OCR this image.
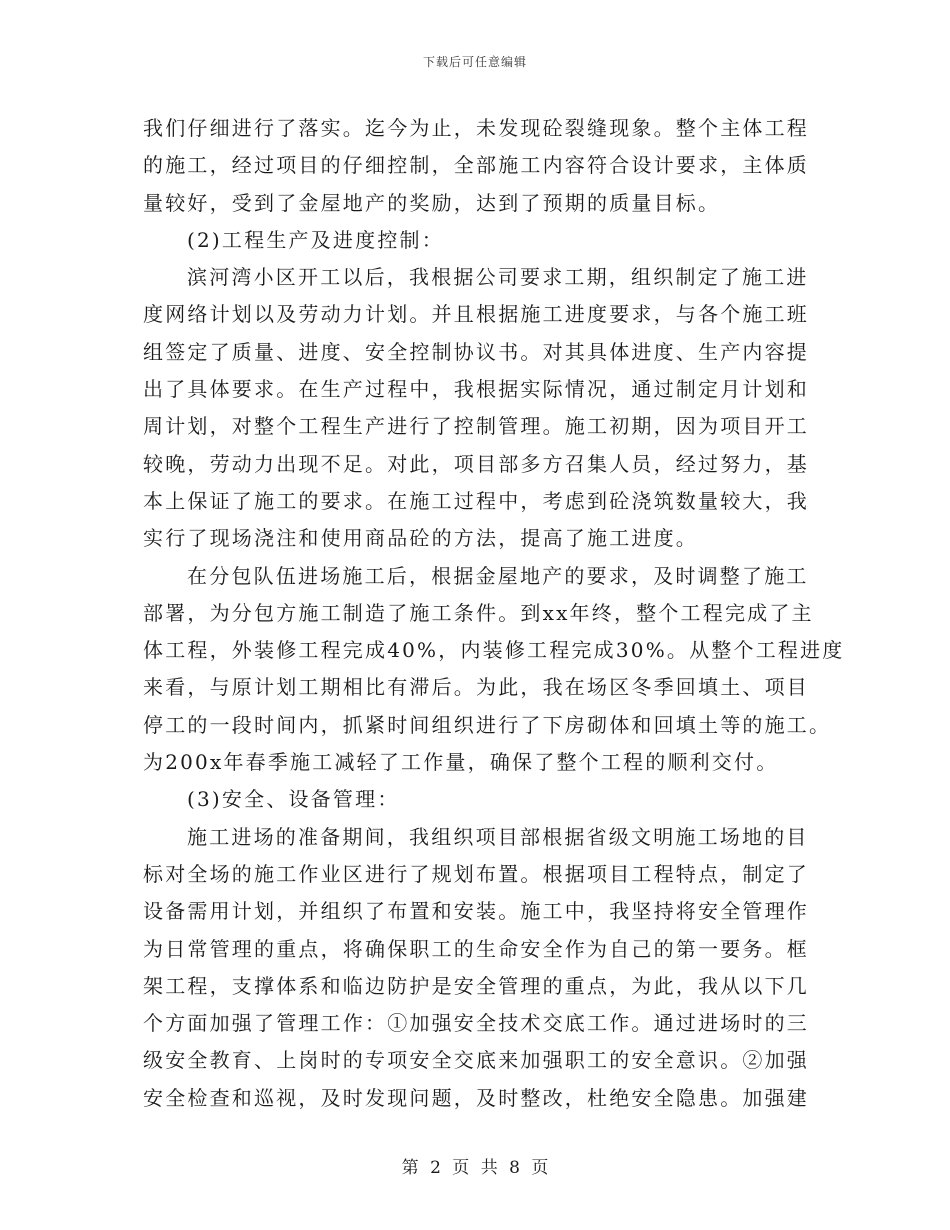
下载后可任意编辑
我们仔细进行了落实。迄今为止，未发现砼裂缝现象。整个主体工程
的施工，经过项目的仔细控制，全部施工内容符合设计要求，主体质
量较好，受到了金屋地产的奖励，达到了预期的质量目标。
(2)工程生产及进度控制：
滨河湾小区开工以后，我根据公司要求工期，组织制定了施工进
度网络计划以及劳动力计划。并且根据施工进度要求，与各个施工班
组签定了质量、进度、安全控制协议书。对其具体进度、生产内容提
出了具体要求。在生产过程中，我根据实际情况，通过制定月计划和
周计划，对整个工程生产进行了控制管理。施工初期，因为项目开工
较晚，劳动力出现不足。对此，项目部多方召集人员，经过努力，基
本上保证了施工的要求。在施工过程中，考虑到砼浇筑数量较大，我
实行了现场浇注和使用商品砼的方法，提高了施工进度。
在分包队伍进场施工后，根据金屋地产的要求，及时调整了施工
部署，为分包方施工制造了施工条件。到xx年终，整个工程完成了主
体工程，外装修工程完成40%，内装修工程完成30%。从整个工程进度
来看，与原计划工期相比有滞后。为此，我在场区冬季回填土、项目
停工的一段时间内，抓紧时间组织进行了下房砌体和回填土等的施工。
为200x年春季施工减轻了工作量，确保了整个工程的顺利交付。
(3)安全、设备管理：
施工进场的准备期间，我组织项目部根据省级文明施工场地的目
标对全场的施工作业区进行了规划布置。根据项目工程特点，制定了
设备需用计划，并组织了布置和安装。施工中，我坚持将安全管理作
为日常管理的重点，将确保职工的生命安全作为自己的第一要务。框
架工程，支撑体系和临边防护是安全管理的重点，为此，我从以下几
个方面加强了管理工作：①加强安全技术交底工作。通过进场时的三
级安全教育、上岗时的专项安全交底来加强职工的安全意识。②加强
安全检查和巡视，及时发现问题，及时整改，杜绝安全隐患。加强建
第 2 页 共 8 页
